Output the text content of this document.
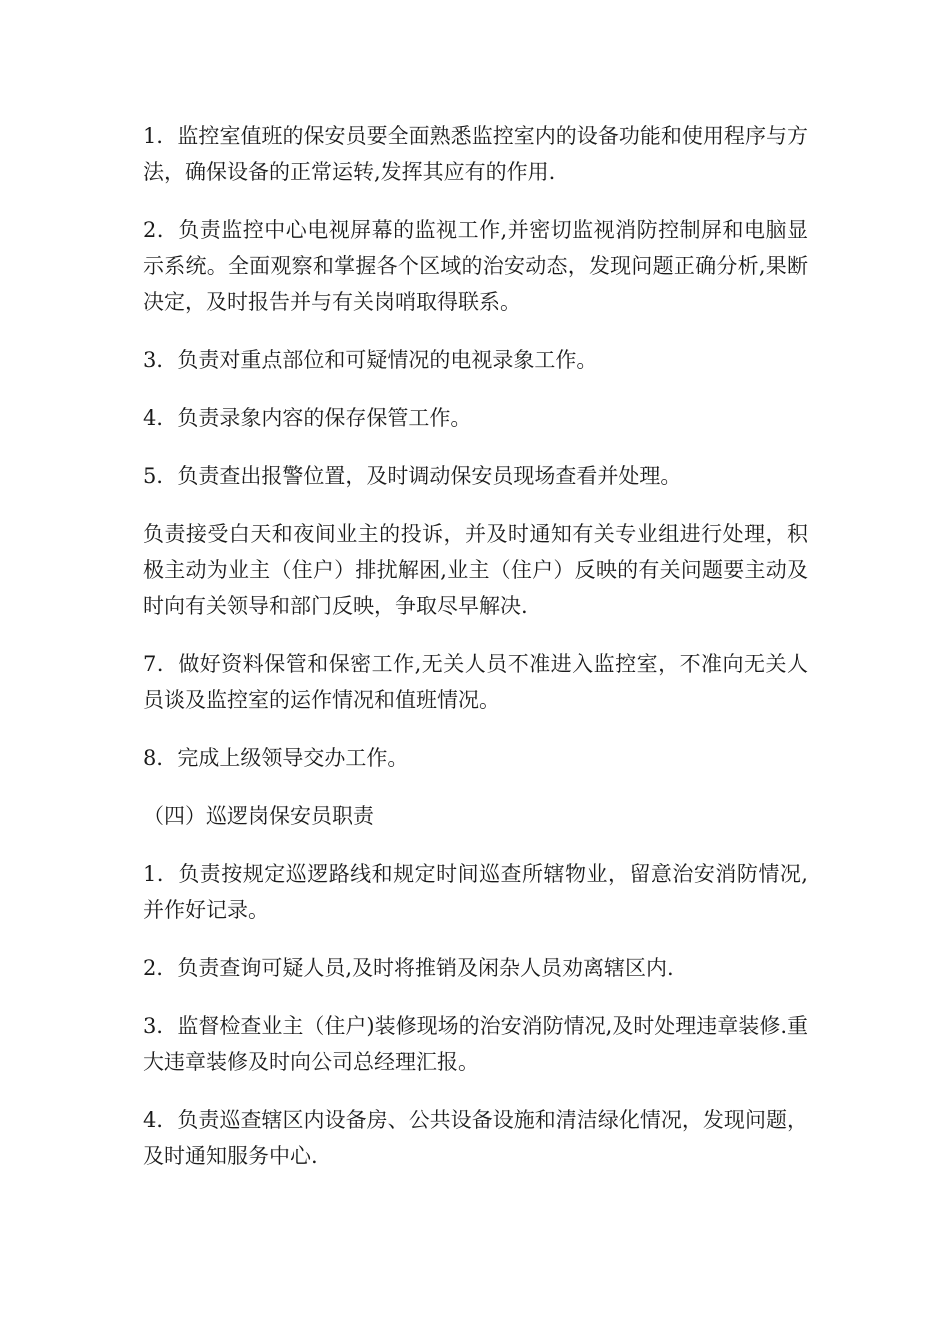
1．监控室值班的保安员要全面熟悉监控室内的设备功能和使用程序与方法，确保设备的正常运转,发挥其应有的作用.

2．负责监控中心电视屏幕的监视工作,并密切监视消防控制屏和电脑显示系统。全面观察和掌握各个区域的治安动态，发现问题正确分析,果断决定，及时报告并与有关岗哨取得联系。

3．负责对重点部位和可疑情况的电视录象工作。

4．负责录象内容的保存保管工作。

5．负责查出报警位置，及时调动保安员现场查看并处理。

负责接受白天和夜间业主的投诉，并及时通知有关专业组进行处理，积极主动为业主（住户）排扰解困,业主（住户）反映的有关问题要主动及时向有关领导和部门反映，争取尽早解决.

7．做好资料保管和保密工作,无关人员不准进入监控室，不准向无关人员谈及监控室的运作情况和值班情况。

8．完成上级领导交办工作。

（四）巡逻岗保安员职责

1．负责按规定巡逻路线和规定时间巡查所辖物业，留意治安消防情况,并作好记录。

2．负责查询可疑人员,及时将推销及闲杂人员劝离辖区内.

3．监督检查业主（住户)装修现场的治安消防情况,及时处理违章装修.重大违章装修及时向公司总经理汇报。

4．负责巡查辖区内设备房、公共设备设施和清洁绿化情况，发现问题，及时通知服务中心.
